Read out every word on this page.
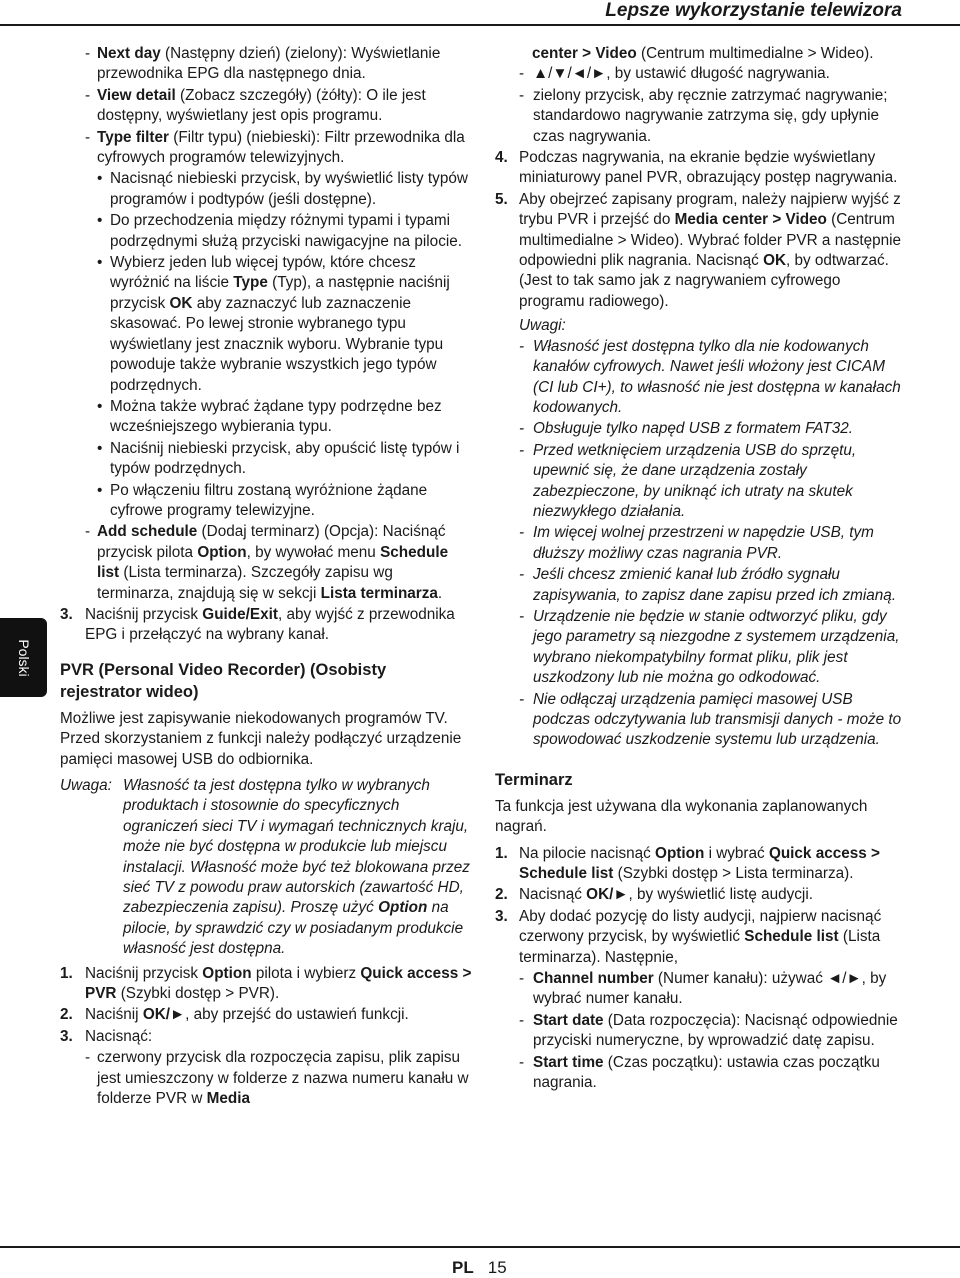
Lepsze wykorzystanie telewizora
Polski

- Next day (Następny dzień) (zielony): Wyświetlanie przewodnika EPG dla następnego dnia.

- View detail (Zobacz szczegóły) (żółty): O ile jest dostępny, wyświetlany jest opis programu.

- Type filter (Filtr typu) (niebieski): Filtr przewodnika dla cyfrowych programów telewizyjnych.

• Nacisnąć niebieski przycisk, by wyświetlić listy typów programów i podtypów (jeśli dostępne).

• Do przechodzenia między różnymi typami i typami podrzędnymi służą przyciski nawigacyjne na pilocie.

• Wybierz jeden lub więcej typów, które chcesz wyróżnić na liście Type (Typ), a następnie naciśnij przycisk OK aby zaznaczyć lub zaznaczenie skasować. Po lewej stronie wybranego typu wyświetlany jest znacznik wyboru. Wybranie typu powoduje także wybranie wszystkich jego typów podrzędnych.

• Można także wybrać żądane typy podrzędne bez wcześniejszego wybierania typu.

• Naciśnij niebieski przycisk, aby opuścić listę typów i typów podrzędnych.

• Po włączeniu filtru zostaną wyróżnione żądane cyfrowe programy telewizyjne.

- Add schedule (Dodaj terminarz) (Opcja): Naciśnąć przycisk pilota Option, by wywołać menu Schedule list (Lista terminarza). Szczegóły zapisu wg terminarza, znajdują się w sekcji Lista terminarza.

3. Naciśnij przycisk Guide/Exit, aby wyjść z przewodnika EPG i przełączyć na wybrany kanał.

PVR (Personal Video Recorder) (Osobisty rejestrator wideo)

Możliwe jest zapisywanie niekodowanych programów TV. Przed skorzystaniem z funkcji należy podłączyć urządzenie pamięci masowej USB do odbiornika.

Uwaga: Własność ta jest dostępna tylko w wybranych produktach i stosownie do specyficznych ograniczeń sieci TV i wymagań technicznych kraju, może nie być dostępna w produkcie lub miejscu instalacji. Własność może być też blokowana przez sieć TV z powodu praw autorskich (zawartość HD, zabezpieczenia zapisu). Proszę użyć Option na pilocie, by sprawdzić czy w posiadanym produkcie własność jest dostępna.

1. Naciśnij przycisk Option pilota i wybierz Quick access > PVR (Szybki dostęp > PVR).

2. Naciśnij OK/►, aby przejść do ustawień funkcji.

3. Nacisnąć:

- czerwony przycisk dla rozpoczęcia zapisu, plik zapisu jest umieszczony w folderze z nazwa numeru kanału w folderze PVR w Media

center > Video (Centrum multimedialne > Wideo).

- ▲/▼/◄/►, by ustawić długość nagrywania.

- zielony przycisk, aby ręcznie zatrzymać nagrywanie; standardowo nagrywanie zatrzyma się, gdy upłynie czas nagrywania.

4. Podczas nagrywania, na ekranie będzie wyświetlany miniaturowy panel PVR, obrazujący postęp nagrywania.

5. Aby obejrzeć zapisany program, należy najpierw wyjść z trybu PVR i przejść do Media center > Video (Centrum multimedialne > Wideo). Wybrać folder PVR a następnie odpowiedni plik nagrania. Nacisnąć OK, by odtwarzać. (Jest to tak samo jak z nagrywaniem cyfrowego programu radiowego).

Uwagi:

- Własność jest dostępna tylko dla nie kodowanych kanałów cyfrowych. Nawet jeśli włożony jest CICAM (CI lub CI+), to własność nie jest dostępna w kanałach kodowanych.

- Obsługuje tylko napęd USB z formatem FAT32.

- Przed wetknięciem urządzenia USB do sprzętu, upewnić się, że dane urządzenia zostały zabezpieczone, by uniknąć ich utraty na skutek niezwykłego działania.

- Im więcej wolnej przestrzeni w napędzie USB, tym dłuższy możliwy czas nagrania PVR.

- Jeśli chcesz zmienić kanał lub źródło sygnału zapisywania, to zapisz dane zapisu przed ich zmianą.

- Urządzenie nie będzie w stanie odtworzyć pliku, gdy jego parametry są niezgodne z systemem urządzenia, wybrano niekompatybilny format pliku, plik jest uszkodzony lub nie można go odkodować.

- Nie odłączaj urządzenia pamięci masowej USB podczas odczytywania lub transmisji danych - może to spowodować uszkodzenie systemu lub urządzenia.

Terminarz

Ta funkcja jest używana dla wykonania zaplanowanych nagrań.

1. Na pilocie nacisnąć Option i wybrać Quick access > Schedule list (Szybki dostęp > Lista terminarza).

2. Nacisnąć OK/►, by wyświetlić listę audycji.

3. Aby dodać pozycję do listy audycji, najpierw nacisnąć czerwony przycisk, by wyświetlić Schedule list (Lista terminarza). Następnie,

- Channel number (Numer kanału): używać ◄/►, by wybrać numer kanału.

- Start date (Data rozpoczęcia): Nacisnąć odpowiednie przyciski numeryczne, by wprowadzić datę zapisu.

- Start time (Czas początku): ustawia czas początku nagrania.

PL 15
